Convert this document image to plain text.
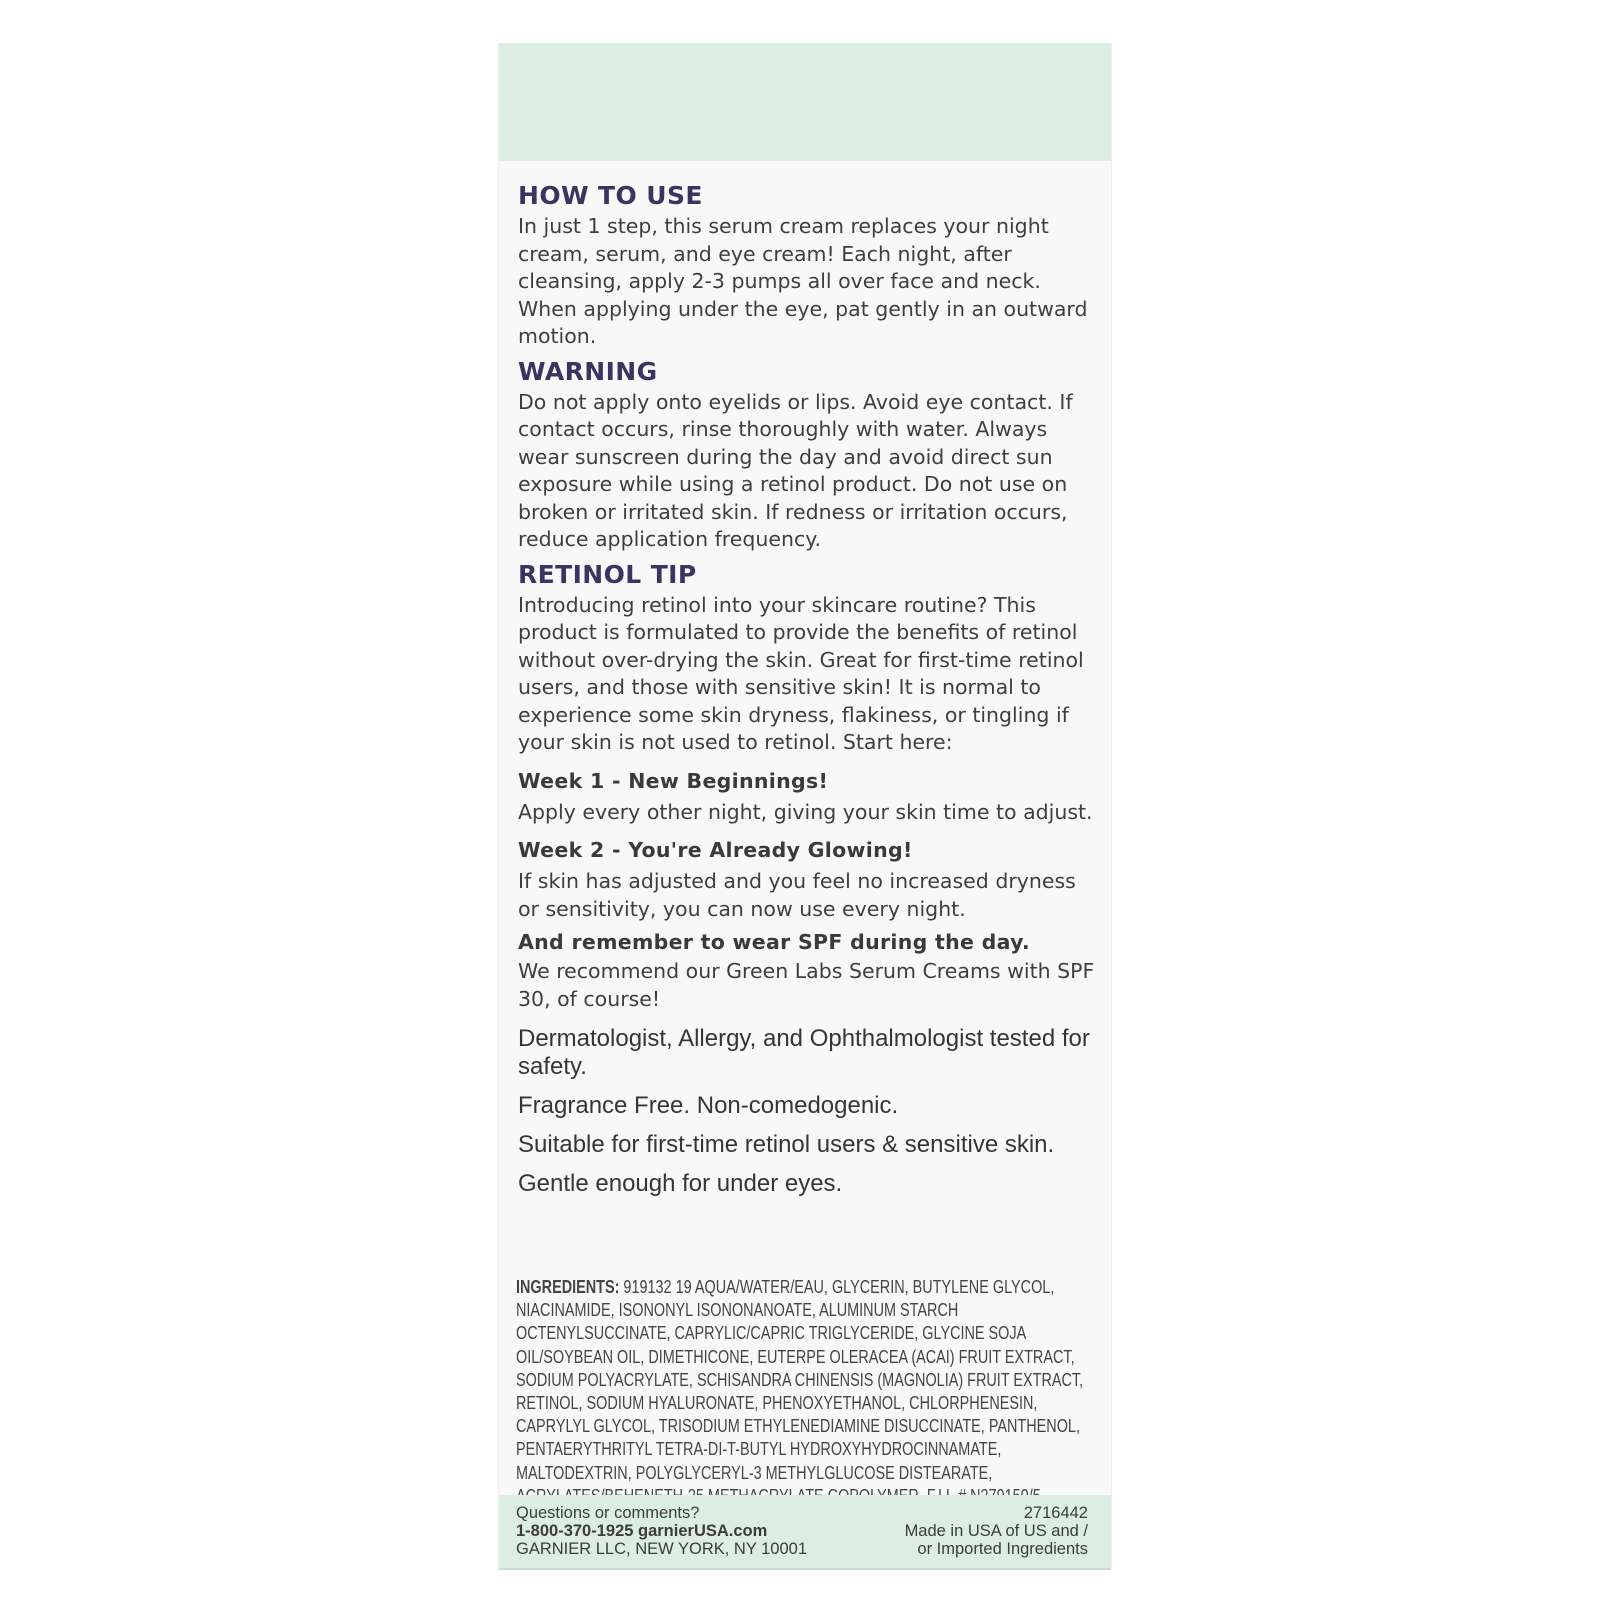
HOW TO USE

In just 1 step, this serum cream replaces your night cream, serum, and eye cream! Each night, after cleansing, apply 2-3 pumps all over face and neck. When applying under the eye, pat gently in an outward motion.

WARNING

Do not apply onto eyelids or lips. Avoid eye contact. If contact occurs, rinse thoroughly with water. Always wear sunscreen during the day and avoid direct sun exposure while using a retinol product. Do not use on broken or irritated skin. If redness or irritation occurs, reduce application frequency.

RETINOL TIP

Introducing retinol into your skincare routine? This product is formulated to provide the benefits of retinol without over-drying the skin. Great for first-time retinol users, and those with sensitive skin! It is normal to experience some skin dryness, flakiness, or tingling if your skin is not used to retinol. Start here:

Week 1 - New Beginnings!

Apply every other night, giving your skin time to adjust.

Week 2 - You're Already Glowing!

If skin has adjusted and you feel no increased dryness or sensitivity, you can now use every night.

And remember to wear SPF during the day.

We recommend our Green Labs Serum Creams with SPF 30, of course!

Dermatologist, Allergy, and Ophthalmologist tested for safety.

Fragrance Free. Non-comedogenic.

Suitable for first-time retinol users & sensitive skin.

Gentle enough for under eyes.

INGREDIENTS: 919132 19 AQUA/WATER/EAU, GLYCERIN, BUTYLENE GLYCOL, NIACINAMIDE, ISONONYL ISONONANOATE, ALUMINUM STARCH OCTENYLSUCCINATE, CAPRYLIC/CAPRIC TRIGLYCERIDE, GLYCINE SOJA OIL/SOYBEAN OIL, DIMETHICONE, EUTERPE OLERACEA (ACAI) FRUIT EXTRACT, SODIUM POLYACRYLATE, SCHISANDRA CHINENSIS (MAGNOLIA) FRUIT EXTRACT, RETINOL, SODIUM HYALURONATE, PHENOXYETHANOL, CHLORPHENESIN, CAPRYLYL GLYCOL, TRISODIUM ETHYLENEDIAMINE DISUCCINATE, PANTHENOL, PENTAERYTHRITYL TETRA-DI-T-BUTYL HYDROXYHYDROCINNAMATE, MALTODEXTRIN, POLYGLYCERYL-3 METHYLGLUCOSE DISTEARATE,
Questions or comments?
1-800-370-1925 garnierUSA.com
GARNIER LLC, NEW YORK, NY 10001
2716442
Made in USA of US and /
or Imported Ingredients
